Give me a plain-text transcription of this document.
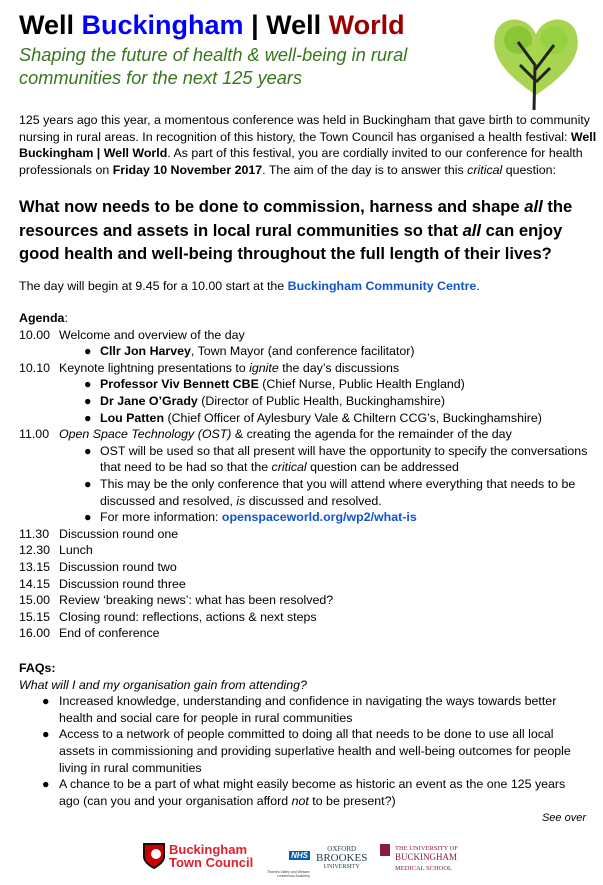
Well Buckingham | Well World
Shaping the future of health & well-being in rural
communities for the next 125 years
125 years ago this year, a momentous conference was held in Buckingham that gave birth to community nursing in rural areas. In recognition of this history, the Town Council has organised a health festival: Well Buckingham | Well World. As part of this festival, you are cordially invited to our conference for health professionals on Friday 10 November 2017. The aim of the day is to answer this critical question:
What now needs to be done to commission, harness and shape all the resources and assets in local rural communities so that all can enjoy good health and well-being throughout the full length of their lives?
The day will begin at 9.45 for a 10.00 start at the Buckingham Community Centre.
Agenda :
10.00 Welcome and overview of the day
● Cllr Jon Harvey, Town Mayor (and conference facilitator)
10.10 Keynote lightning presentations to ignite the day’s discussions
● Professor Viv Bennett CBE (Chief Nurse, Public Health England)
● Dr Jane O’Grady (Director of Public Health, Buckinghamshire)
● Lou Patten (Chief Officer of Aylesbury Vale & Chiltern CCG’s, Buckinghamshire)
11.00 Open Space Technology (OST) & creating the agenda for the remainder of the day
● OST will be used so that all present will have the opportunity to specify the conversations that need to be had so that the critical question can be addressed
● This may be the only conference that you will attend where everything that needs to be discussed and resolved, is discussed and resolved.
● For more information: openspaceworld.org/wp2/what-is
11.30 Discussion round one
12.30 Lunch
13.15 Discussion round two
14.15 Discussion round three
15.00 Review ‘breaking news’: what has been resolved?
15.15 Closing round: reflections, actions & next steps
16.00 End of conference
FAQs:
What will I and my organisation gain from attending?
● Increased knowledge, understanding and confidence in navigating the ways towards better health and social care for people in rural communities
● Access to a network of people committed to doing all that needs to be done to use all local assets in commissioning and providing superlative health and well-being outcomes for people living in rural communities
● A chance to be a part of what might easily become as historic an event as the one 125 years ago (can you and your organisation afford not to be present?)
See over
Buckingham
Town Council	NHS
Thames Valley and Wessex Leadership Academy
OXFORD
BROOKES
UNIVERSITY
THE UNIVERSITY OF
BUCKINGHAM
MEDICAL SCHOOL
